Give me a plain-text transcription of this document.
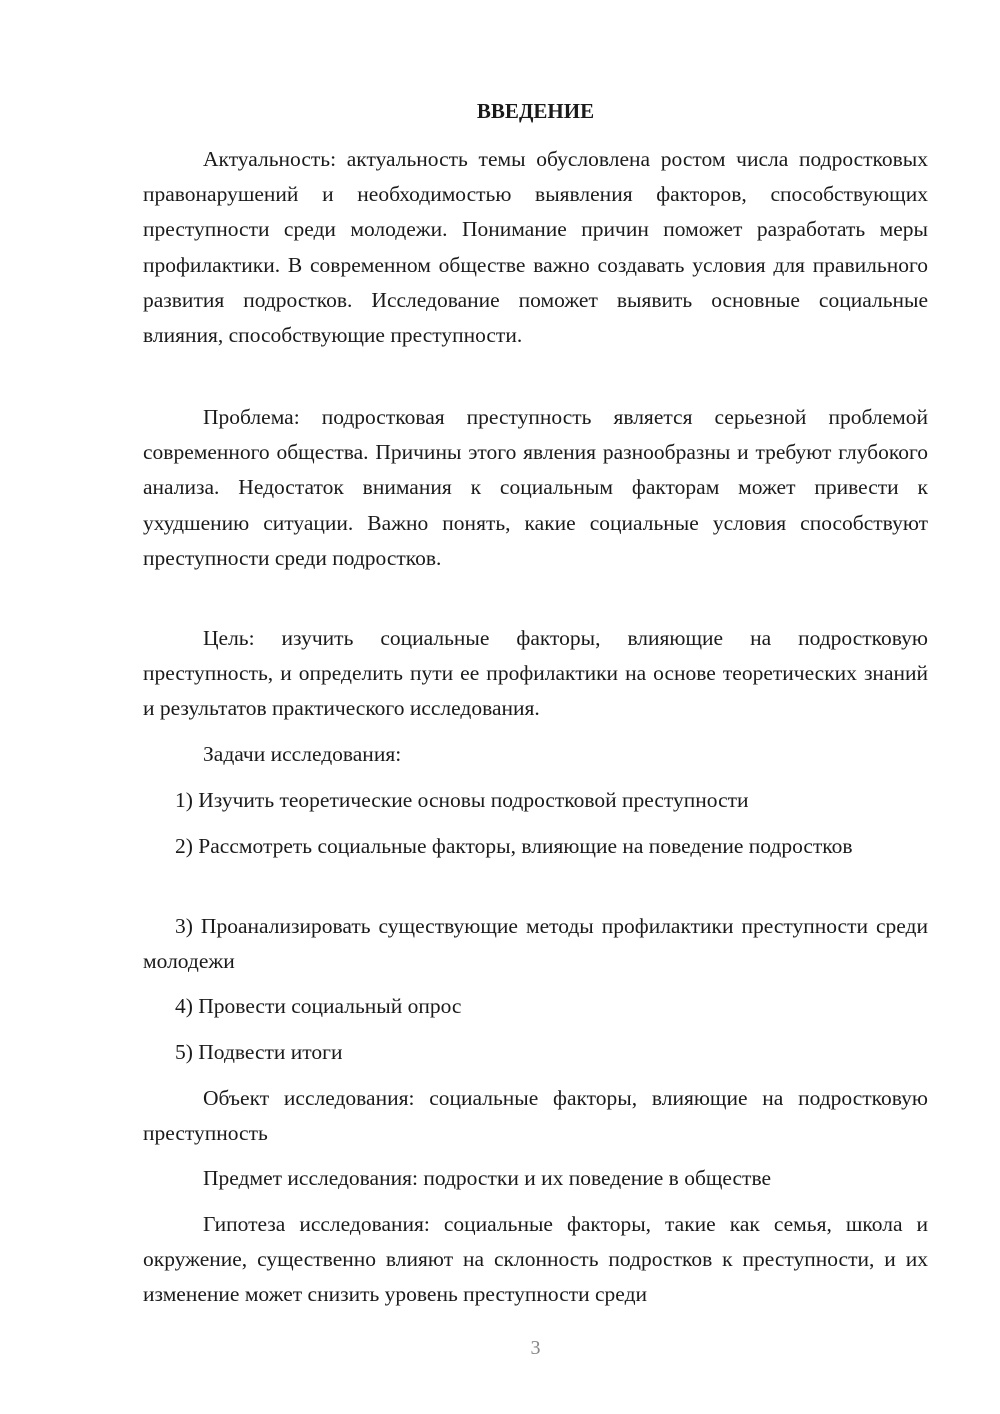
ВВЕДЕНИЕ

Актуальность: актуальность темы обусловлена ростом числа подростковых правонарушений и необходимостью выявления факторов, способствующих преступности среди молодежи. Понимание причин поможет разработать меры профилактики. В современном обществе важно создавать условия для правильного развития подростков. Исследование поможет выявить основные социальные влияния, способствующие преступности.

Проблема: подростковая преступность является серьезной проблемой современного общества. Причины этого явления разнообразны и требуют глубокого анализа. Недостаток внимания к социальным факторам может привести к ухудшению ситуации. Важно понять, какие социальные условия способствуют преступности среди подростков.

Цель: изучить социальные факторы, влияющие на подростковую преступность, и определить пути ее профилактики на основе теоретических знаний и результатов практического исследования.

Задачи исследования:

1) Изучить теоретические основы подростковой преступности

2) Рассмотреть социальные факторы, влияющие на поведение подростков

3) Проанализировать существующие методы профилактики преступности среди молодежи

4) Провести социальный опрос

5) Подвести итоги

Объект исследования: социальные факторы, влияющие на подростковую преступность

Предмет исследования: подростки и их поведение в обществе

Гипотеза исследования: социальные факторы, такие как семья, школа и окружение, существенно влияют на склонность подростков к преступности, и их изменение может снизить уровень преступности среди

3
